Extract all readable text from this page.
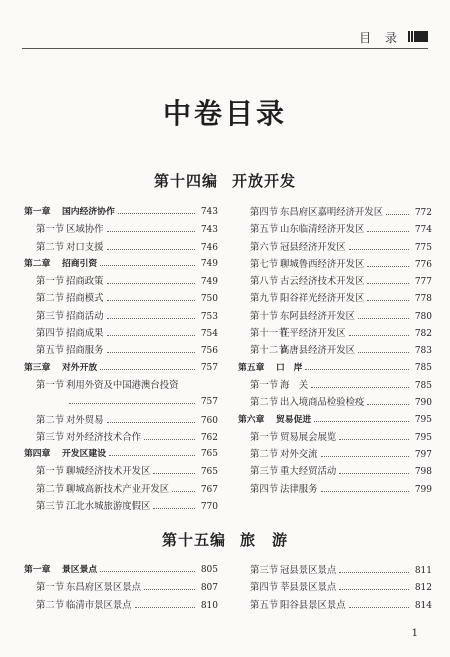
目 录
中卷目录
第十四编 开放开发
第一章	国内经济协作	743
第一节 区域协作	743
第二节 对口支援	746
第二章	招商引资	749
第一节 招商政策	749
第二节 招商模式	750
第三节 招商活动	753
第四节 招商成果	754
第五节 招商服务	756
第三章	对外开放	757
第一节 利用外资及中国港澳台投资
757
第二节 对外贸易	760
第三节 对外经济技术合作	762
第四章	开发区建设	765
第一节 聊城经济技术开发区	765
第二节 聊城高新技术产业开发区	767
第三节 江北水城旅游度假区	770
第四节 东昌府区嘉明经济开发区	772
第五节 山东临清经济开发区	774
第六节 冠县经济开发区	775
第七节 聊城鲁西经济开发区	776
第八节 古云经济技术开发区	777
第九节 阳谷祥光经济开发区	778
第十节 东阿县经济开发区	780
第十一节
茌平经济开发区	782
第十二节
高唐县经济开发区	783
第五章	口　岸	785
第一节 海　关	785
第二节 出入境商品检验检疫	790
第六章	贸易促进	795
第一节 贸易展会展览	795
第二节 对外交流	797
第三节 重大经贸活动	798
第四节 法律服务	799
第十五编 旅　游
第一章	景区景点	805
第一节 东昌府区景区景点	807
第二节 临清市景区景点	810
第三节 冠县景区景点	811
第四节 莘县景区景点	812
第五节 阳谷县景区景点	814
1
